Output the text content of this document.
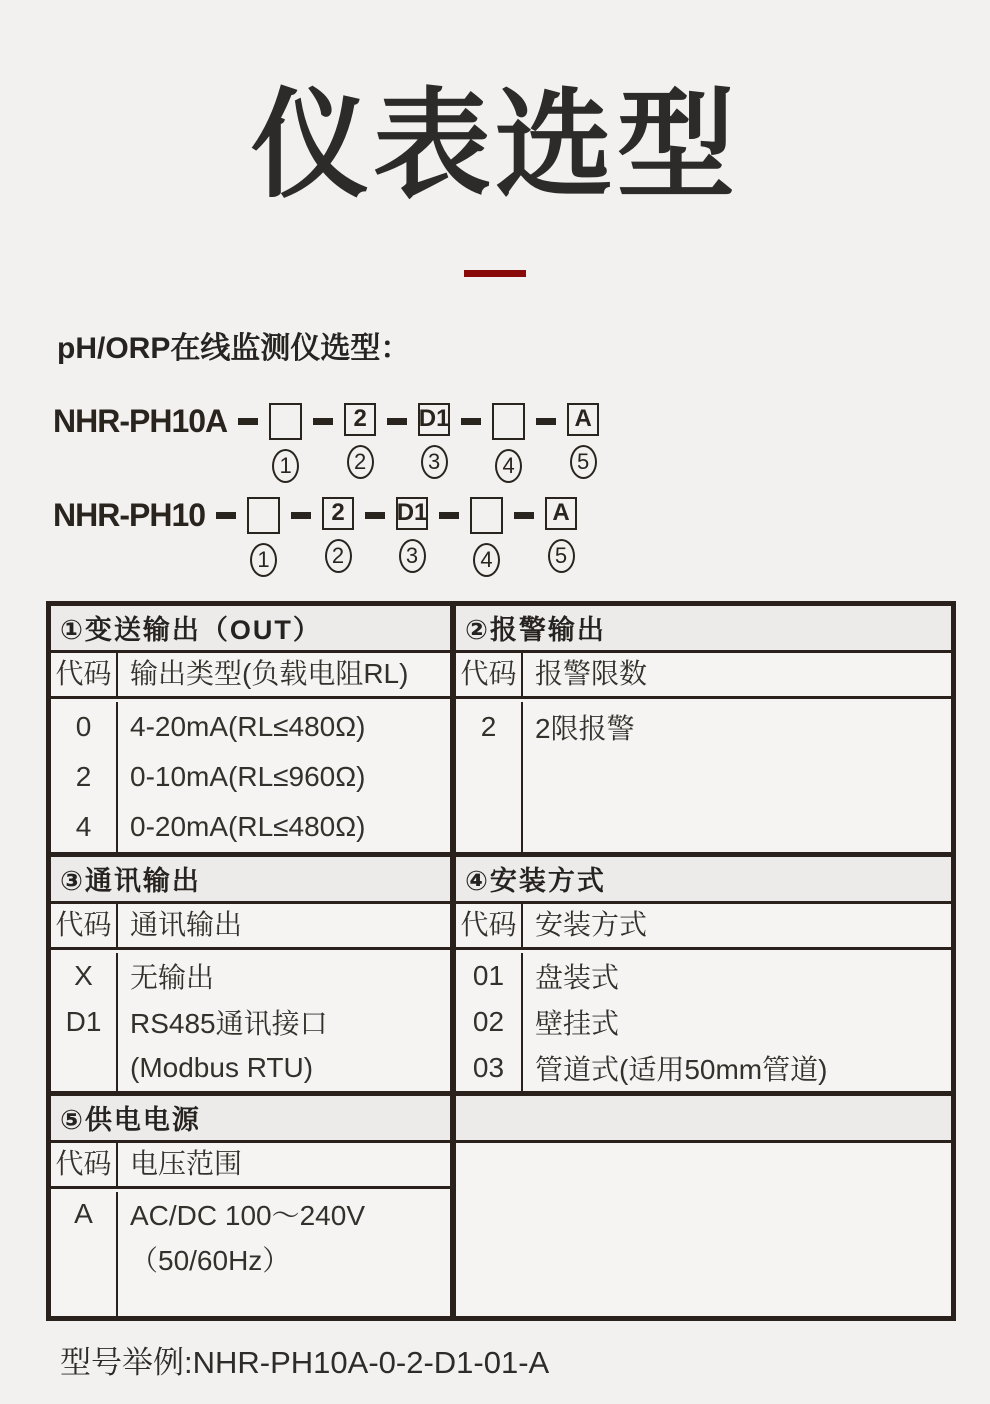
仪表选型
pH/ORP在线监测仪选型：
NHR-PH10A
1
2
2
D1
3	4
A
5
NHR-PH10
1
2
2
D1
3	4
A
5
①变送输出（OUT）
代码 输出类型(负载电阻RL)
0
2
4
4-20mA(RL≤480Ω)
0-10mA(RL≤960Ω)
0-20mA(RL≤480Ω)
②报警输出
代码 报警限数
2 2限报警
③通讯输出
代码 通讯输出
X
D1
无输出
RS485通讯接口
(Modbus RTU)
④安装方式
代码 安装方式
01
02
03
盘装式
壁挂式
管道式(适用50mm管道)
⑤供电电源
代码 电压范围
A AC/DC 100～240V
（50/60Hz）
型号举例:NHR-PH10A-0-2-D1-01-A
